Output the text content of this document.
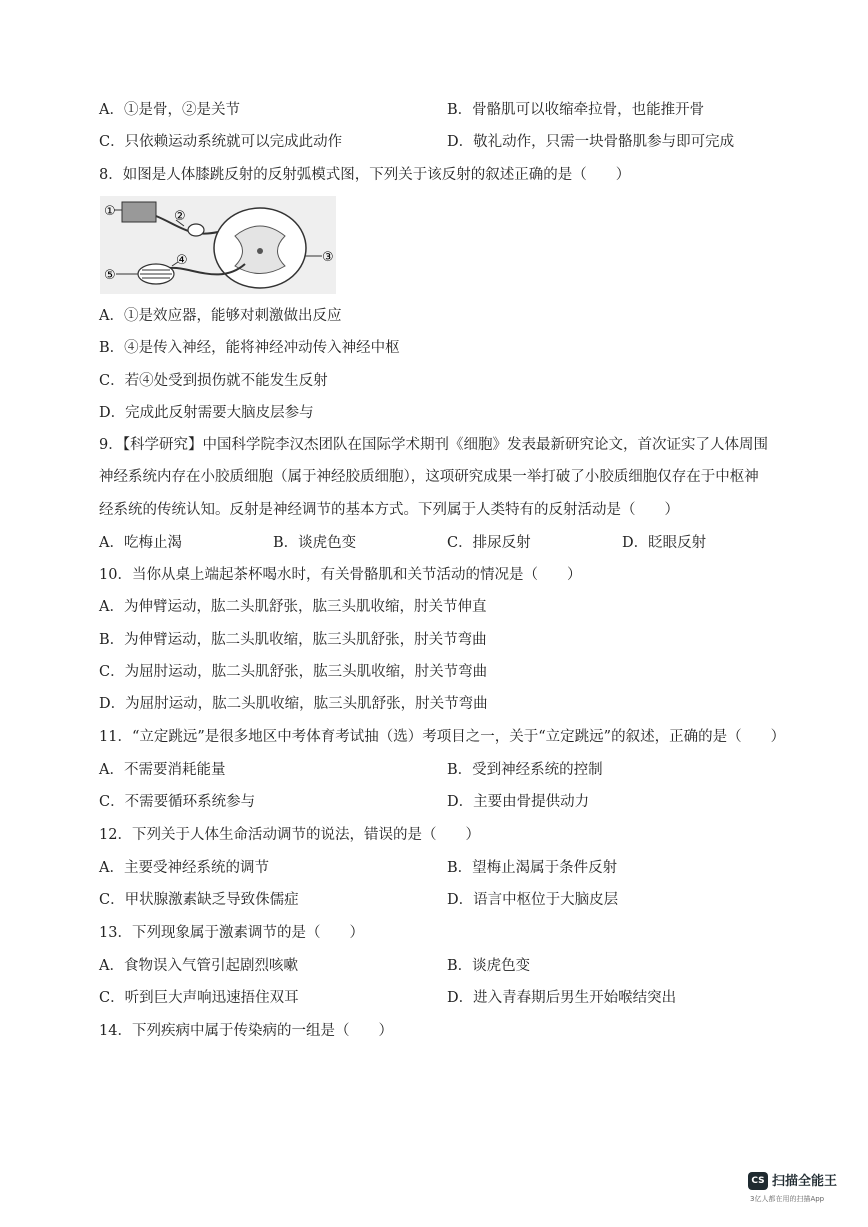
A．①是骨，②是关节	B．骨骼肌可以收缩牵拉骨，也能推开骨
C．只依赖运动系统就可以完成此动作	D．敬礼动作，只需一块骨骼肌参与即可完成
8．如图是人体膝跳反射的反射弧模式图，下列关于该反射的叙述正确的是（　　）
①	②
③
④
⑤
A．①是效应器，能够对刺激做出反应
B．④是传入神经，能将神经冲动传入神经中枢
C．若④处受到损伤就不能发生反射
D．完成此反射需要大脑皮层参与
9．【科学研究】中国科学院李汉杰团队在国际学术期刊《细胞》发表最新研究论文，首次证实了人体周围
神经系统内存在小胶质细胞（属于神经胶质细胞），这项研究成果一举打破了小胶质细胞仅存在于中枢神
经系统的传统认知。反射是神经调节的基本方式。下列属于人类特有的反射活动是（　　）
A．吃梅止渴	B．谈虎色变	C．排尿反射	D．眨眼反射
10．当你从桌上端起茶杯喝水时，有关骨骼肌和关节活动的情况是（　　）
A．为伸臂运动，肱二头肌舒张，肱三头肌收缩，肘关节伸直
B．为伸臂运动，肱二头肌收缩，肱三头肌舒张，肘关节弯曲
C．为屈肘运动，肱二头肌舒张，肱三头肌收缩，肘关节弯曲
D．为屈肘运动，肱二头肌收缩，肱三头肌舒张，肘关节弯曲
11．“立定跳远”是很多地区中考体育考试抽（选）考项目之一，关于“立定跳远”的叙述，正确的是（　　）
A．不需要消耗能量	B．受到神经系统的控制
C．不需要循环系统参与	D．主要由骨提供动力
12．下列关于人体生命活动调节的说法，错误的是（　　）
A．主要受神经系统的调节	B．望梅止渴属于条件反射
C．甲状腺激素缺乏导致侏儒症	D．语言中枢位于大脑皮层
13．下列现象属于激素调节的是（　　）
A．食物误入气管引起剧烈咳嗽	B．谈虎色变
C．听到巨大声响迅速捂住双耳	D．进入青春期后男生开始喉结突出
14．下列疾病中属于传染病的一组是（　　）
CS 扫描全能王
3亿人都在用的扫描App
